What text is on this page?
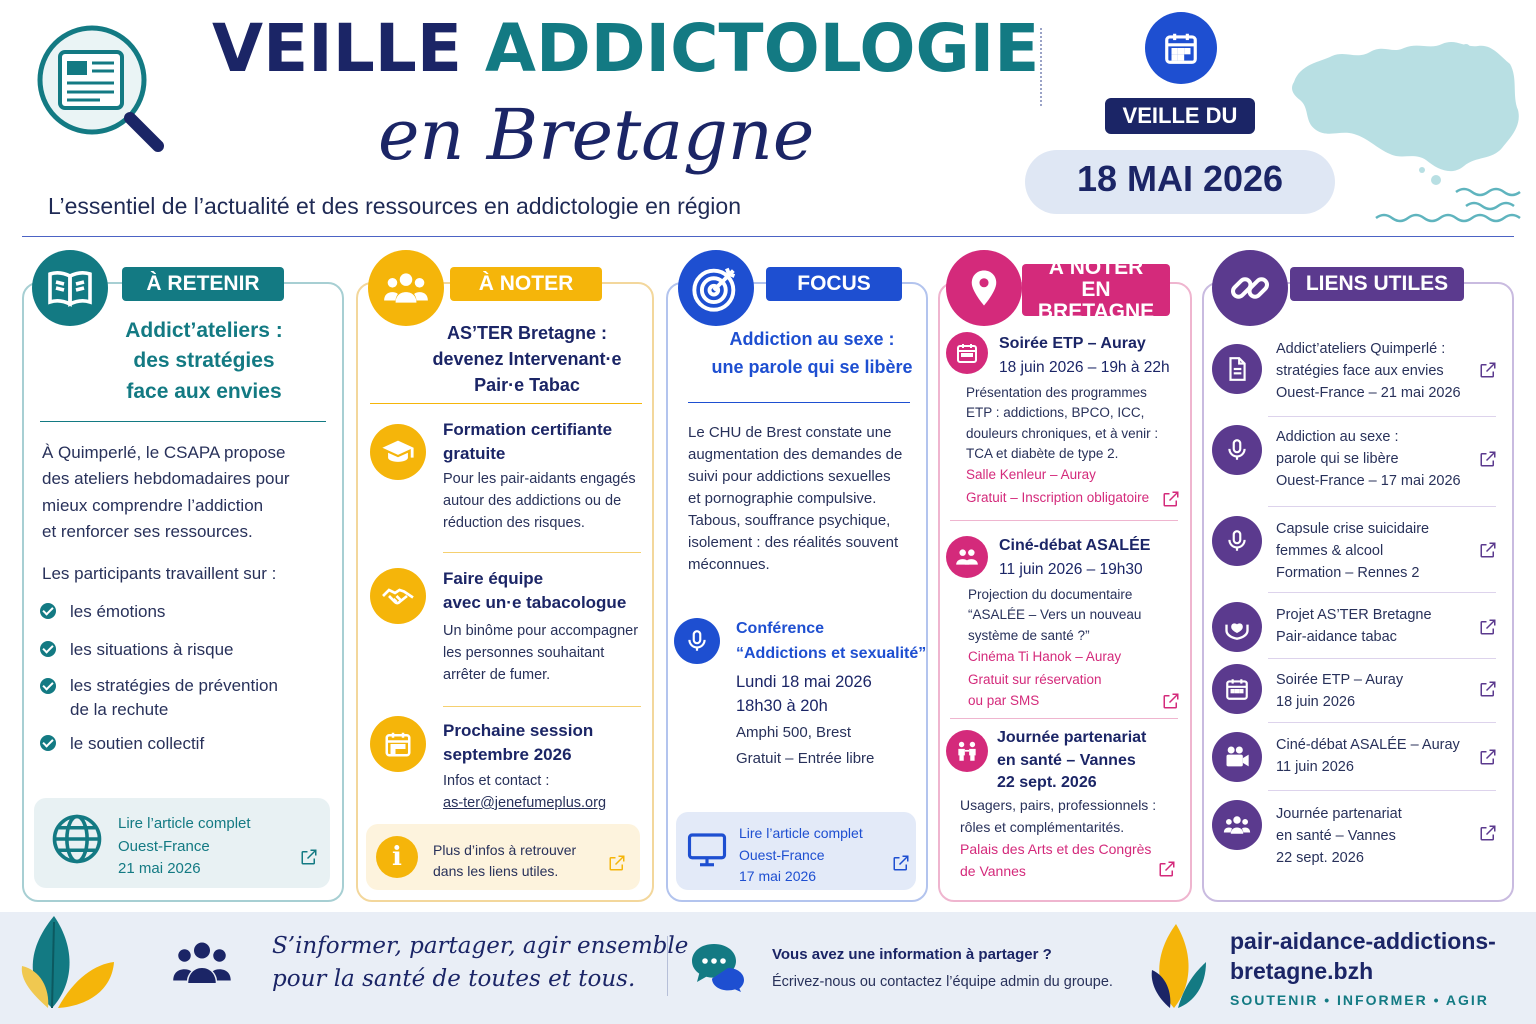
VEILLE ADDICTOLOGIE
en Bretagne
L’essentiel de l’actualité et des ressources en addictologie en région
VEILLE DU
18 MAI 2026
À RETENIR
Addict’ateliers :
des stratégies
face aux envies
À Quimperlé, le CSAPA propose
des ateliers hebdomadaires pour
mieux comprendre l’addiction
et renforcer ses ressources.
Les participants travaillent sur :
les émotions
les situations à risque
les stratégies de prévention
de la rechute
le soutien collectif
Lire l’article complet
Ouest-France
21 mai 2026
À NOTER
AS’TER Bretagne :
devenez Intervenant·e
Pair·e Tabac
Formation certifiante
gratuite
Pour les pair-aidants engagés
autour des addictions ou de
réduction des risques.
Faire équipe
avec un·e tabacologue
Un binôme pour accompagner
les personnes souhaitant
arrêter de fumer.
Prochaine session
septembre 2026
Infos et contact :
as-ter@jenefumeplus.org
i	Plus d’infos à retrouver
dans les liens utiles.
FOCUS
Addiction au sexe :
une parole qui se libère
Le CHU de Brest constate une
augmentation des demandes de
suivi pour addictions sexuelles
et pornographie compulsive.
Tabous, souffrance psychique,
isolement : des réalités souvent
méconnues.
Conférence
“Addictions et sexualité”
Lundi 18 mai 2026
18h30 à 20h
Amphi 500, Brest
Gratuit – Entrée libre
Lire l’article complet
Ouest-France
17 mai 2026
À NOTER
EN BRETAGNE
Soirée ETP – Auray
18 juin 2026 – 19h à 22h
Présentation des programmes
ETP : addictions, BPCO, ICC,
douleurs chroniques, et à venir :
TCA et diabète de type 2.
Salle Kenleur – Auray
Gratuit – Inscription obligatoire
Ciné-débat ASALÉE
11 juin 2026 – 19h30
Projection du documentaire
“ASALÉE – Vers un nouveau
système de santé ?”
Cinéma Ti Hanok – Auray
Gratuit sur réservation
ou par SMS
Journée partenariat
en santé – Vannes
22 sept. 2026
Usagers, pairs, professionnels :
rôles et complémentarités.
Palais des Arts et des Congrès
de Vannes
LIENS UTILES
Addict’ateliers Quimperlé :
stratégies face aux envies
Ouest-France – 21 mai 2026
Addiction au sexe :
parole qui se libère
Ouest-France – 17 mai 2026
Capsule crise suicidaire
femmes & alcool
Formation – Rennes 2
Projet AS’TER Bretagne
Pair-aidance tabac
Soirée ETP – Auray
18 juin 2026
Ciné-débat ASALÉE – Auray
11 juin 2026
Journée partenariat
en santé – Vannes
22 sept. 2026
S’informer, partager, agir ensemble
pour la santé de toutes et tous.
Vous avez une information à partager ?
Écrivez-nous ou contactez l’équipe admin du groupe.
pair-aidance-addictions-
bretagne.bzh
SOUTENIR • INFORMER • AGIR
